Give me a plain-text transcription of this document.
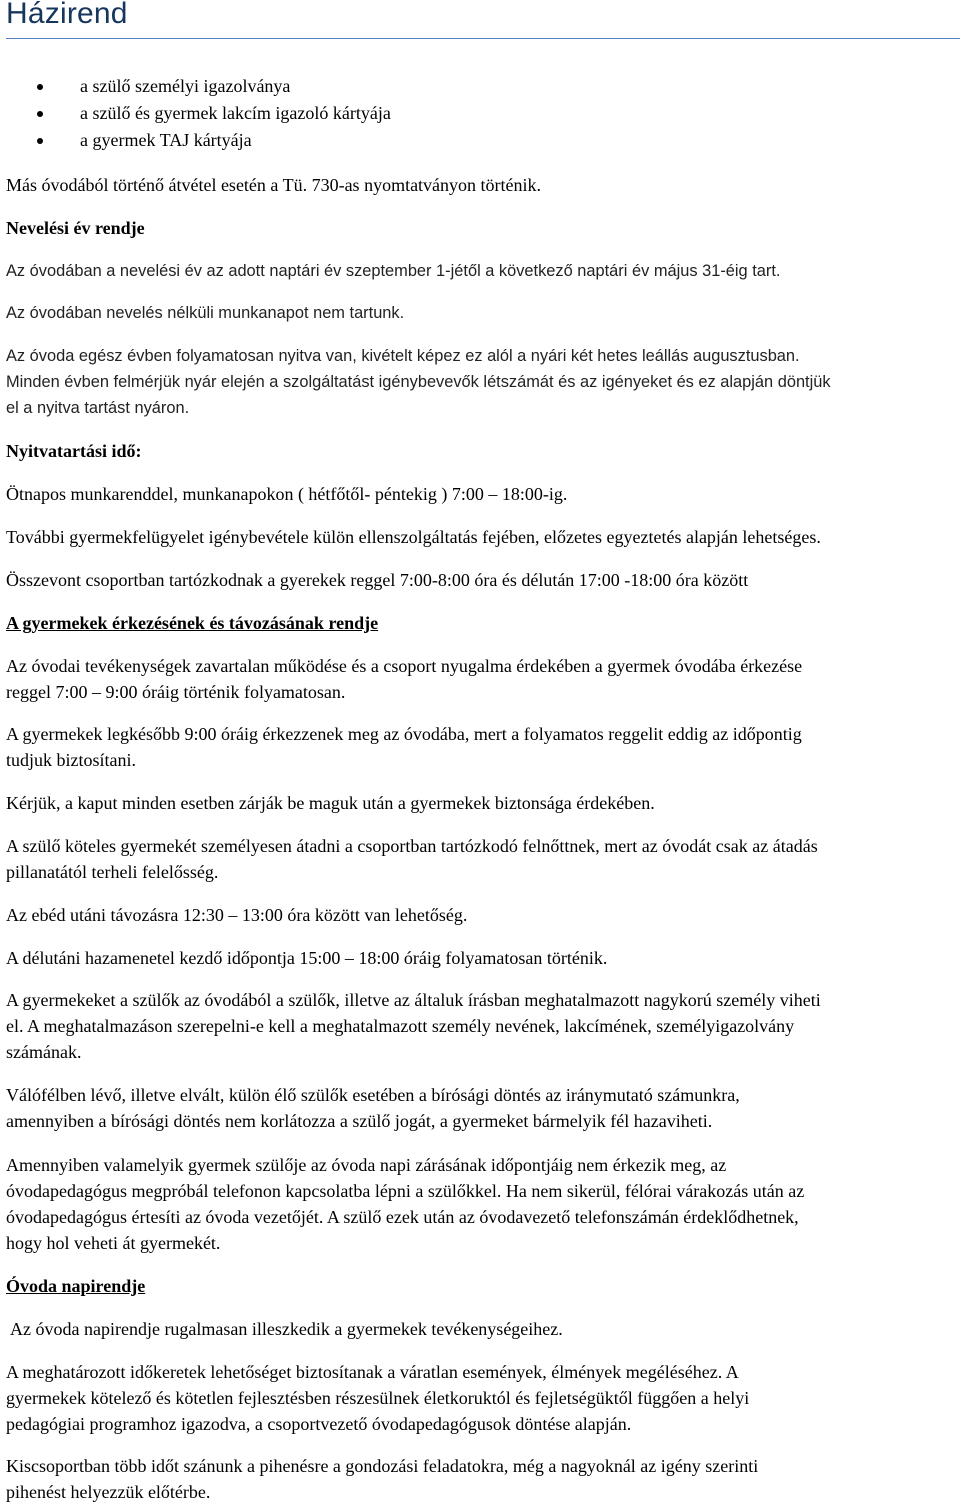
Házirend
a szülő személyi igazolványa
a szülő és gyermek lakcím igazoló kártyája
a gyermek TAJ kártyája

Más óvodából történő átvétel esetén a Tü. 730-as nyomtatványon történik.

Nevelési év rendje

Az óvodában a nevelési év az adott naptári év szeptember 1-jétől a következő naptári év május 31-éig tart.

Az óvodában nevelés nélküli munkanapot nem tartunk.

Az óvoda egész évben folyamatosan nyitva van, kivételt képez ez alól a nyári két hetes leállás augusztusban.

Minden évben felmérjük nyár elején a szolgáltatást igénybevevők létszámát és az igényeket és ez alapján döntjük

el a nyitva tartást nyáron.

Nyitvatartási idő:

Ötnapos munkarenddel, munkanapokon ( hétfőtől- péntekig ) 7:00 – 18:00-ig.

További gyermekfelügyelet igénybevétele külön ellenszolgáltatás fejében, előzetes egyeztetés alapján lehetséges.

Összevont csoportban tartózkodnak a gyerekek reggel 7:00-8:00 óra és délután 17:00 -18:00 óra között

A gyermekek érkezésének és távozásának rendje

Az óvodai tevékenységek zavartalan működése és a csoport nyugalma érdekében a gyermek óvodába érkezése

reggel 7:00 – 9:00 óráig történik folyamatosan.

A gyermekek legkésőbb 9:00 óráig érkezzenek meg az óvodába, mert a folyamatos reggelit eddig az időpontig

tudjuk biztosítani.

Kérjük, a kaput minden esetben zárják be maguk után a gyermekek biztonsága érdekében.

A szülő köteles gyermekét személyesen átadni a csoportban tartózkodó felnőttnek, mert az óvodát csak az átadás

pillanatától terheli felelősség.

Az ebéd utáni távozásra 12:30 – 13:00 óra között van lehetőség.

A délutáni hazamenetel kezdő időpontja 15:00 – 18:00 óráig folyamatosan történik.

A gyermekeket a szülők az óvodából a szülők, illetve az általuk írásban meghatalmazott nagykorú személy viheti

el. A meghatalmazáson szerepelni-e kell a meghatalmazott személy nevének, lakcímének, személyigazolvány

számának.

Válófélben lévő, illetve elvált, külön élő szülők esetében a bírósági döntés az iránymutató számunkra,

amennyiben a bírósági döntés nem korlátozza a szülő jogát, a gyermeket bármelyik fél hazaviheti.

Amennyiben valamelyik gyermek szülője az óvoda napi zárásának időpontjáig nem érkezik meg, az

óvodapedagógus megpróbál telefonon kapcsolatba lépni a szülőkkel. Ha nem sikerül, félórai várakozás után az

óvodapedagógus értesíti az óvoda vezetőjét. A szülő ezek után az óvodavezető telefonszámán érdeklődhetnek,

hogy hol veheti át gyermekét.

Óvoda napirendje

Az óvoda napirendje rugalmasan illeszkedik a gyermekek tevékenységeihez.

A meghatározott időkeretek lehetőséget biztosítanak a váratlan események, élmények megéléséhez. A

gyermekek kötelező és kötetlen fejlesztésben részesülnek életkoruktól és fejletségüktől függően a helyi

pedagógiai programhoz igazodva, a csoportvezető óvodapedagógusok döntése alapján.

Kiscsoportban több időt szánunk a pihenésre a gondozási feladatokra, még a nagyoknál az igény szerinti

pihenést helyezzük előtérbe.
